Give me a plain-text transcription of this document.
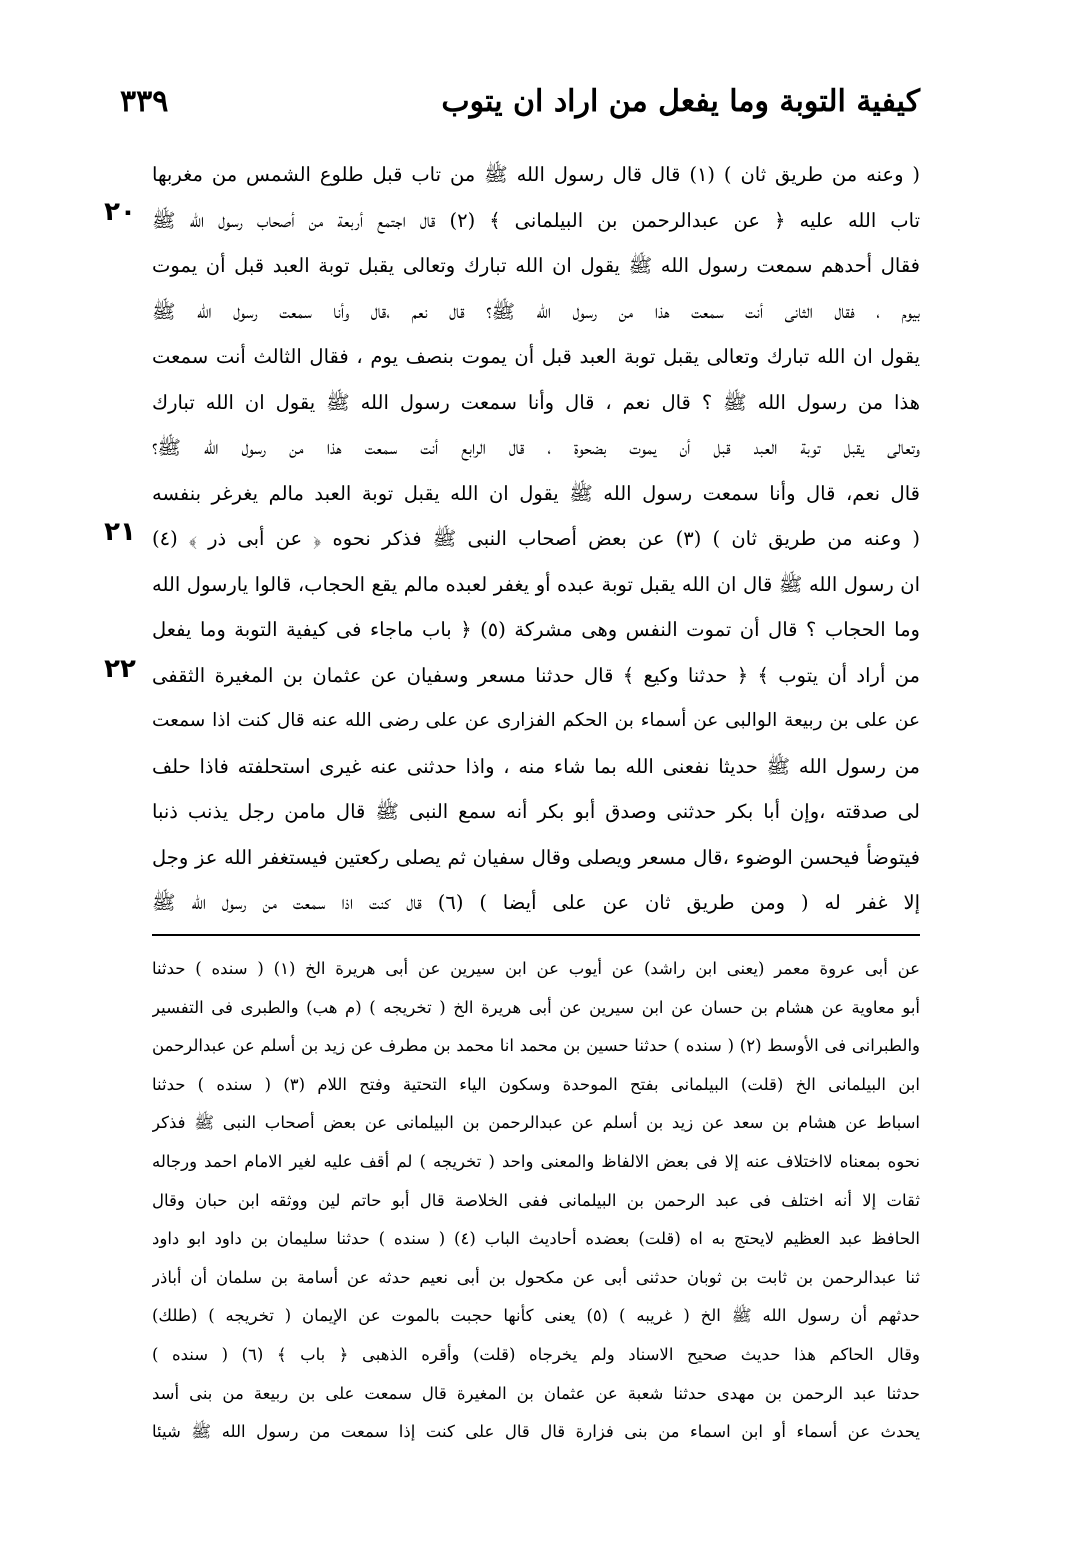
كيفية التوبة وما يفعل من اراد ان يتوب
٣٣٩
٢٠
٢١
٢٢
( وعنه من طريق ثان ) (١) قال قال رسول الله ﷺ من تاب قبل طلوع الشمس من مغربها
تاب الله عليه ﴿ عن عبدالرحمن بن البيلمانى ﴾ (٢) قال اجتمع أربعة من أصحاب رسول الله ﷺ
فقال أحدهم سمعت رسول الله ﷺ يقول ان الله تبارك وتعالى يقبل توبة العبد قبل أن يموت
بيوم ، فقال الثانى أنت سمعت هذا من رسول الله ﷺ؟ قال نعم ،قال وأنا سمعت رسول الله ﷺ
يقول ان الله تبارك وتعالى يقبل توبة العبد قبل أن يموت بنصف يوم ، فقال الثالث أنت سمعت
هذا من رسول الله ﷺ ؟ قال نعم ، قال وأنا سمعت رسول الله ﷺ يقول ان الله تبارك
وتعالى يقبل توبة العبد قبل أن يموت بضحوة ، قال الرابع أنت سمعت هذا من رسول الله ﷺ؟
قال نعم، قال وأنا سمعت رسول الله ﷺ يقول ان الله يقبل توبة العبد مالم يغرغر بنفسه
( وعنه من طريق ثان ) (٣) عن بعض أصحاب النبى ﷺ فذكر نحوه ﴿ عن أبى ذر ﴾ (٤)
ان رسول الله ﷺ قال ان الله يقبل توبة عبده أو يغفر لعبده مالم يقع الحجاب، قالوا يارسول الله
وما الحجاب ؟ قال أن تموت النفس وهى مشركة (٥) ﴿ باب ماجاء فى كيفية التوبة وما يفعل
من أراد أن يتوب ﴾ ﴿ حدثنا وكيع ﴾ قال حدثنا مسعر وسفيان عن عثمان بن المغيرة الثقفى
عن على بن ربيعة الوالبى عن أسماء بن الحكم الفزارى عن على رضى الله عنه قال كنت اذا سمعت
من رسول الله ﷺ حديثا نفعنى الله بما شاء منه ، واذا حدثنى عنه غيرى استحلفته فاذا حلف
لى صدقته ،وإن أبا بكر حدثنى وصدق أبو بكر أنه سمع النبى ﷺ قال مامن رجل يذنب ذنبا
فيتوضأ فيحسن الوضوء ،قال مسعر ويصلى وقال سفيان ثم يصلى ركعتين فيستغفر الله عز وجل
إلا غفر له ( ومن طريق ثان عن على أيضا ) (٦) قال كنت اذا سمعت من رسول الله ﷺ
عن أبى عروة معمر (يعنى ابن راشد) عن أيوب عن ابن سيرين عن أبى هريرة الخ (١) ( سنده ) حدثنا
أبو معاوية عن هشام بن حسان عن ابن سيرين عن أبى هريرة الخ ( تخريجه ) (م هب) والطبرى فى التفسير
والطبرانى فى الأوسط (٢) ( سنده ) حدثنا حسين بن محمد انا محمد بن مطرف عن زيد بن أسلم عن عبدالرحمن
ابن البيلمانى الخ (قلت) البيلمانى بفتح الموحدة وسكون الياء التحتية وفتح اللام (٣) ( سنده ) حدثنا
اسباط عن هشام بن سعد عن زيد بن أسلم عن عبدالرحمن بن البيلمانى عن بعض أصحاب النبى ﷺ فذكر
نحوه بمعناه لااختلاف عنه إلا فى بعض الالفاظ والمعنى واحد ( تخريجه ) لم أقف عليه لغير الامام احمد ورجاله
ثقات إلا أنه اختلف فى عبد الرحمن بن البيلمانى ففى الخلاصة قال أبو حاتم لين ووثقه ابن حبان وقال
الحافظ عبد العظيم لايحتج به اه (قلت) بعضده أحاديث الباب (٤) ( سنده ) حدثنا سليمان بن داود ابو داود
ثنا عبدالرحمن بن ثابت بن ثوبان حدثنى أبى عن مكحول بن أبى نعيم حدثه عن أسامة بن سلمان أن أباذر
حدثهم أن رسول الله ﷺ الخ ( غريبه ) (٥) يعنى كأنها حجبت بالموت عن الإيمان ( تخريجه ) (طلك)
وقال الحاكم هذا حديث صحيح الاسناد ولم يخرجاه (قلت) وأقره الذهبى ﴿ باب ﴾ (٦) ( سنده )
حدثنا عبد الرحمن بن مهدى حدثنا شعبة عن عثمان بن المغيرة قال سمعت على بن ربيعة من بنى أسد
يحدث عن أسماء أو ابن اسماء من بنى فزارة قال قال على كنت إذا سمعت من رسول الله ﷺ شيئا
